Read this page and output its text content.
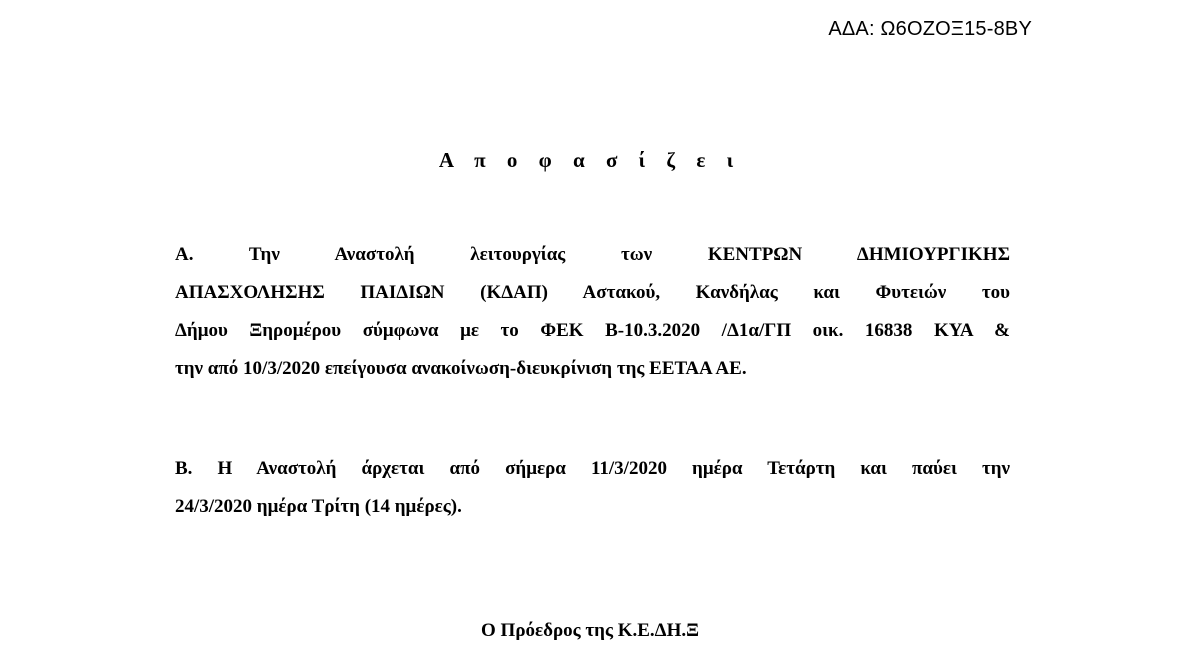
ΑΔΑ: Ω6ΟΖΟΞ15-8ΒΥ
Α π ο φ α σ ί ζ ε ι
Α. Την Αναστολή λειτουργίας των ΚΕΝΤΡΩΝ ΔΗΜΙΟΥΡΓΙΚΗΣ
ΑΠΑΣΧΟΛΗΣΗΣ ΠΑΙΔΙΩΝ (ΚΔΑΠ) Αστακού, Κανδήλας και Φυτειών του
Δήμου Ξηρομέρου σύμφωνα με το ΦΕΚ Β-10.3.2020 /Δ1α/ΓΠ οικ. 16838 ΚΥΑ &
την από 10/3/2020 επείγουσα ανακοίνωση-διευκρίνιση της ΕΕΤΑΑ ΑΕ.
Β. Η Αναστολή άρχεται από σήμερα 11/3/2020 ημέρα Τετάρτη και παύει την
24/3/2020 ημέρα Τρίτη (14 ημέρες).
Ο Πρόεδρος της Κ.Ε.ΔΗ.Ξ
